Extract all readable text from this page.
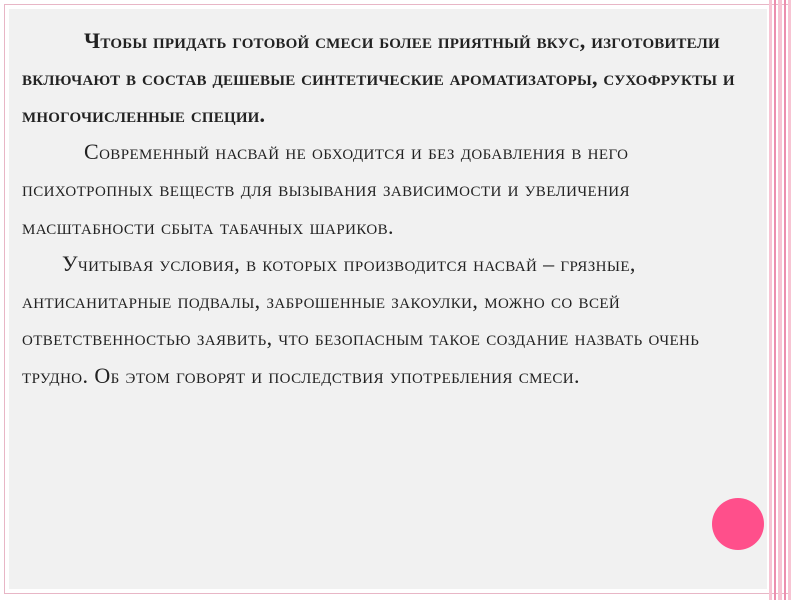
Чтобы придать готовой смеси более приятный вкус, изготовители включают в состав дешевые синтетические ароматизаторы, сухофрукты и многочисленные специи.

Современный насвай не обходится и без добавления в него психотропных веществ для вызывания зависимости и увеличения масштабности сбыта табачных шариков.

Учитывая условия, в которых производится насвай – грязные, антисанитарные подвалы, заброшенные закоулки, можно со всей ответственностью заявить, что безопасным такое создание назвать очень трудно. Об этом говорят и последствия употребления смеси.
